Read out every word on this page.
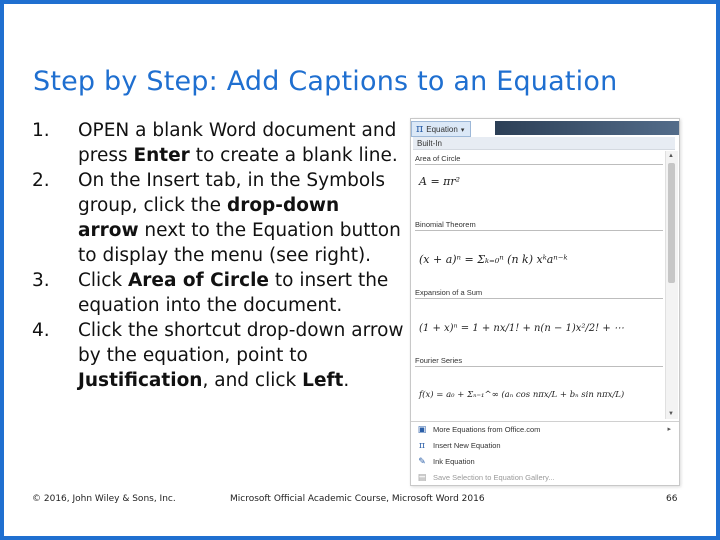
Step by Step: Add Captions to an Equation
1. OPEN a blank Word document and press Enter to create a blank line.
2. On the Insert tab, in the Symbols group, click the drop-down arrow next to the Equation button to display the menu (see right).
3. Click Area of Circle to insert the equation into the document.
4. Click the shortcut drop-down arrow by the equation, point to Justification, and click Left.
π Equation ▾
Built-In
Area of Circle
A = πr²
Binomial Theorem
(x + a)ⁿ = Σₖ₌₀ⁿ (n k) xᵏaⁿ⁻ᵏ
Expansion of a Sum
(1 + x)ⁿ = 1 + nx/1! + n(n − 1)x²/2! + ⋯
Fourier Series
f(x) = a₀ + Σₙ₌₁^∞ (aₙ cos nπx/L + bₙ sin nπx/L)
▲
▼
▣ More Equations from Office.com	▸
π Insert New Equation
✎ Ink Equation
▤ Save Selection to Equation Gallery...
© 2016, John Wiley & Sons, Inc.	Microsoft Official Academic Course, Microsoft Word 2016	66
